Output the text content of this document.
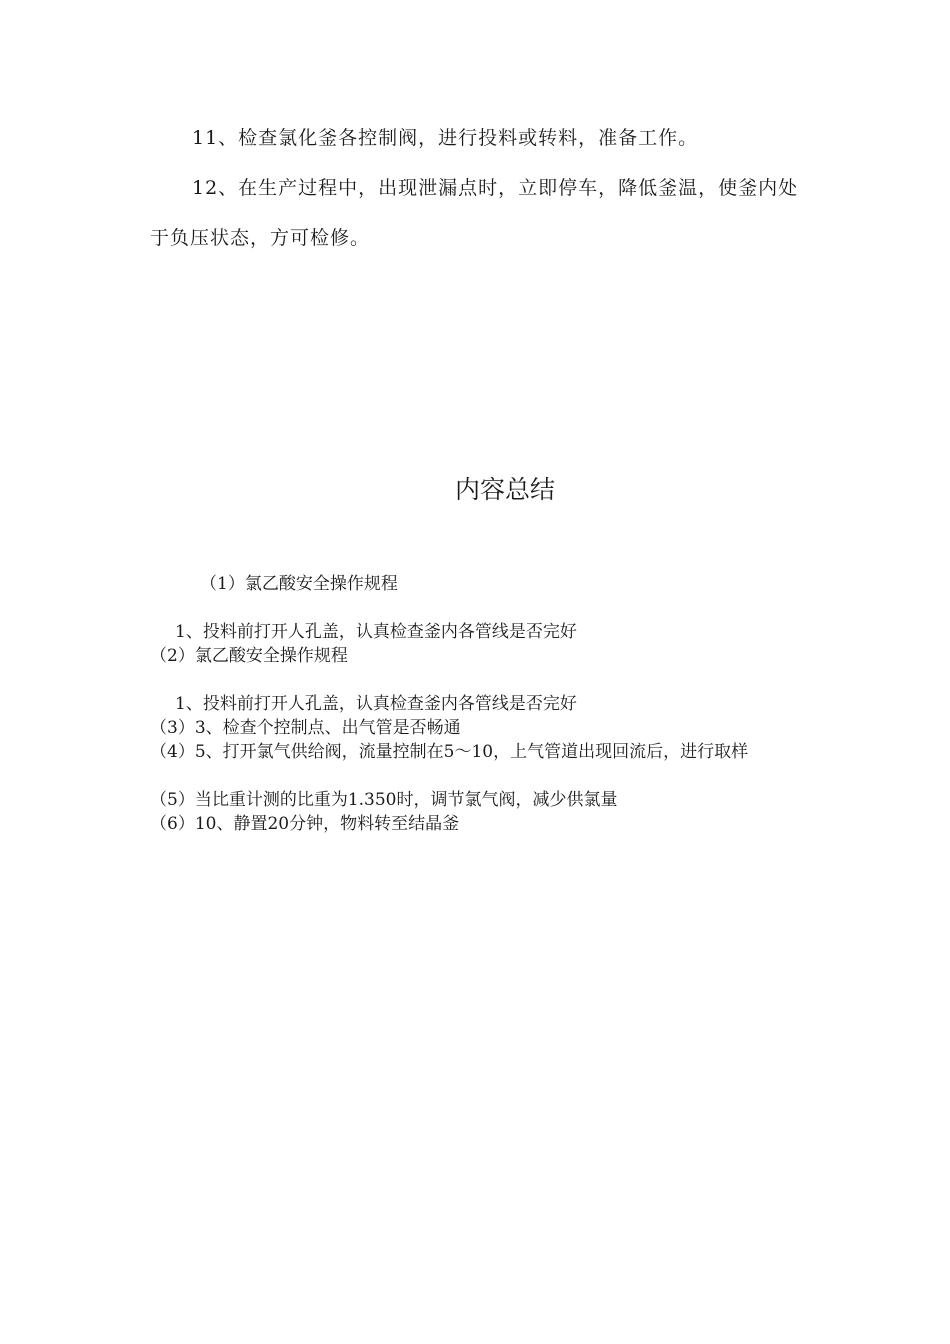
11、检查氯化釜各控制阀，进行投料或转料，准备工作。

12、在生产过程中，出现泄漏点时，立即停车，降低釜温，使釜内处于负压状态，方可检修。

内容总结
（1）氯乙酸安全操作规程
1、投料前打开人孔盖，认真检查釜内各管线是否完好
（2）氯乙酸安全操作规程
1、投料前打开人孔盖，认真检查釜内各管线是否完好
（3）3、检查个控制点、出气管是否畅通
（4）5、打开氯气供给阀，流量控制在5～10，上气管道出现回流后，进行取样
（5）当比重计测的比重为1.350时，调节氯气阀，减少供氯量
（6）10、静置20分钟，物料转至结晶釜
